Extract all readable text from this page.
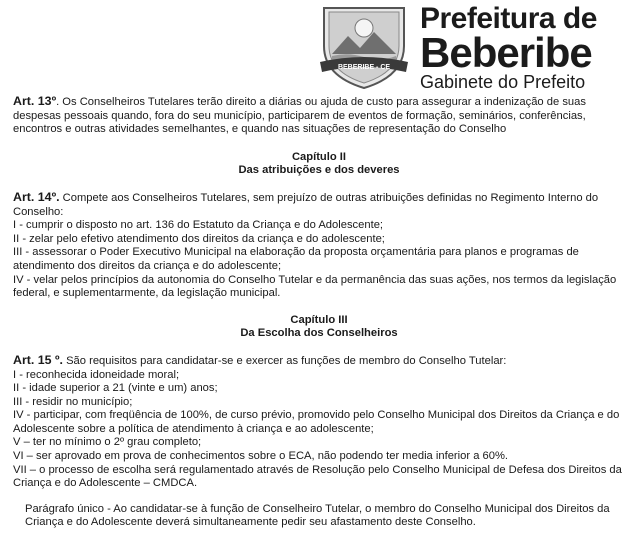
BEBERIBE - CE
Prefeitura de
Beberibe
Gabinete do Prefeito

Art. 13º. Os Conselheiros Tutelares terão direito a diárias ou ajuda de custo para assegurar a indenização de suas despesas pessoais quando, fora do seu município, participarem de eventos de formação, seminários, conferências, encontros e outras atividades semelhantes, e quando nas situações de representação do Conselho

Capítulo II
Das atribuições e dos deveres

Art. 14º. Compete aos Conselheiros Tutelares, sem prejuízo de outras atribuições definidas no Regimento Interno do Conselho:
I - cumprir o disposto no art. 136 do Estatuto da Criança e do Adolescente;
II - zelar pelo efetivo atendimento dos direitos da criança e do adolescente;
III - assessorar o Poder Executivo Municipal na elaboração da proposta orçamentária para planos e programas de atendimento dos direitos da criança e do adolescente;
IV - velar pelos princípios da autonomia do Conselho Tutelar e da permanência das suas ações, nos termos da legislação federal, e suplementarmente, da legislação municipal.

Capítulo III
Da Escolha dos Conselheiros

Art. 15 º. São requisitos para candidatar-se e exercer as funções de membro do Conselho Tutelar:
I - reconhecida idoneidade moral;
II - idade superior a 21 (vinte e um) anos;
III - residir no município;
IV - participar, com freqüência de 100%, de curso prévio, promovido pelo Conselho Municipal dos Direitos da Criança e do Adolescente sobre a política de atendimento à criança e ao adolescente;
V – ter no mínimo o 2º grau completo;
VI – ser aprovado em prova de conhecimentos sobre o ECA, não podendo ter media inferior a 60%.
VII – o processo de escolha será regulamentado através de Resolução pelo Conselho Municipal de Defesa dos Direitos da Criança e do Adolescente – CMDCA.

Parágrafo único - Ao candidatar-se à função de Conselheiro Tutelar, o membro do Conselho Municipal dos Direitos da Criança e do Adolescente deverá simultaneamente pedir seu afastamento deste Conselho.
